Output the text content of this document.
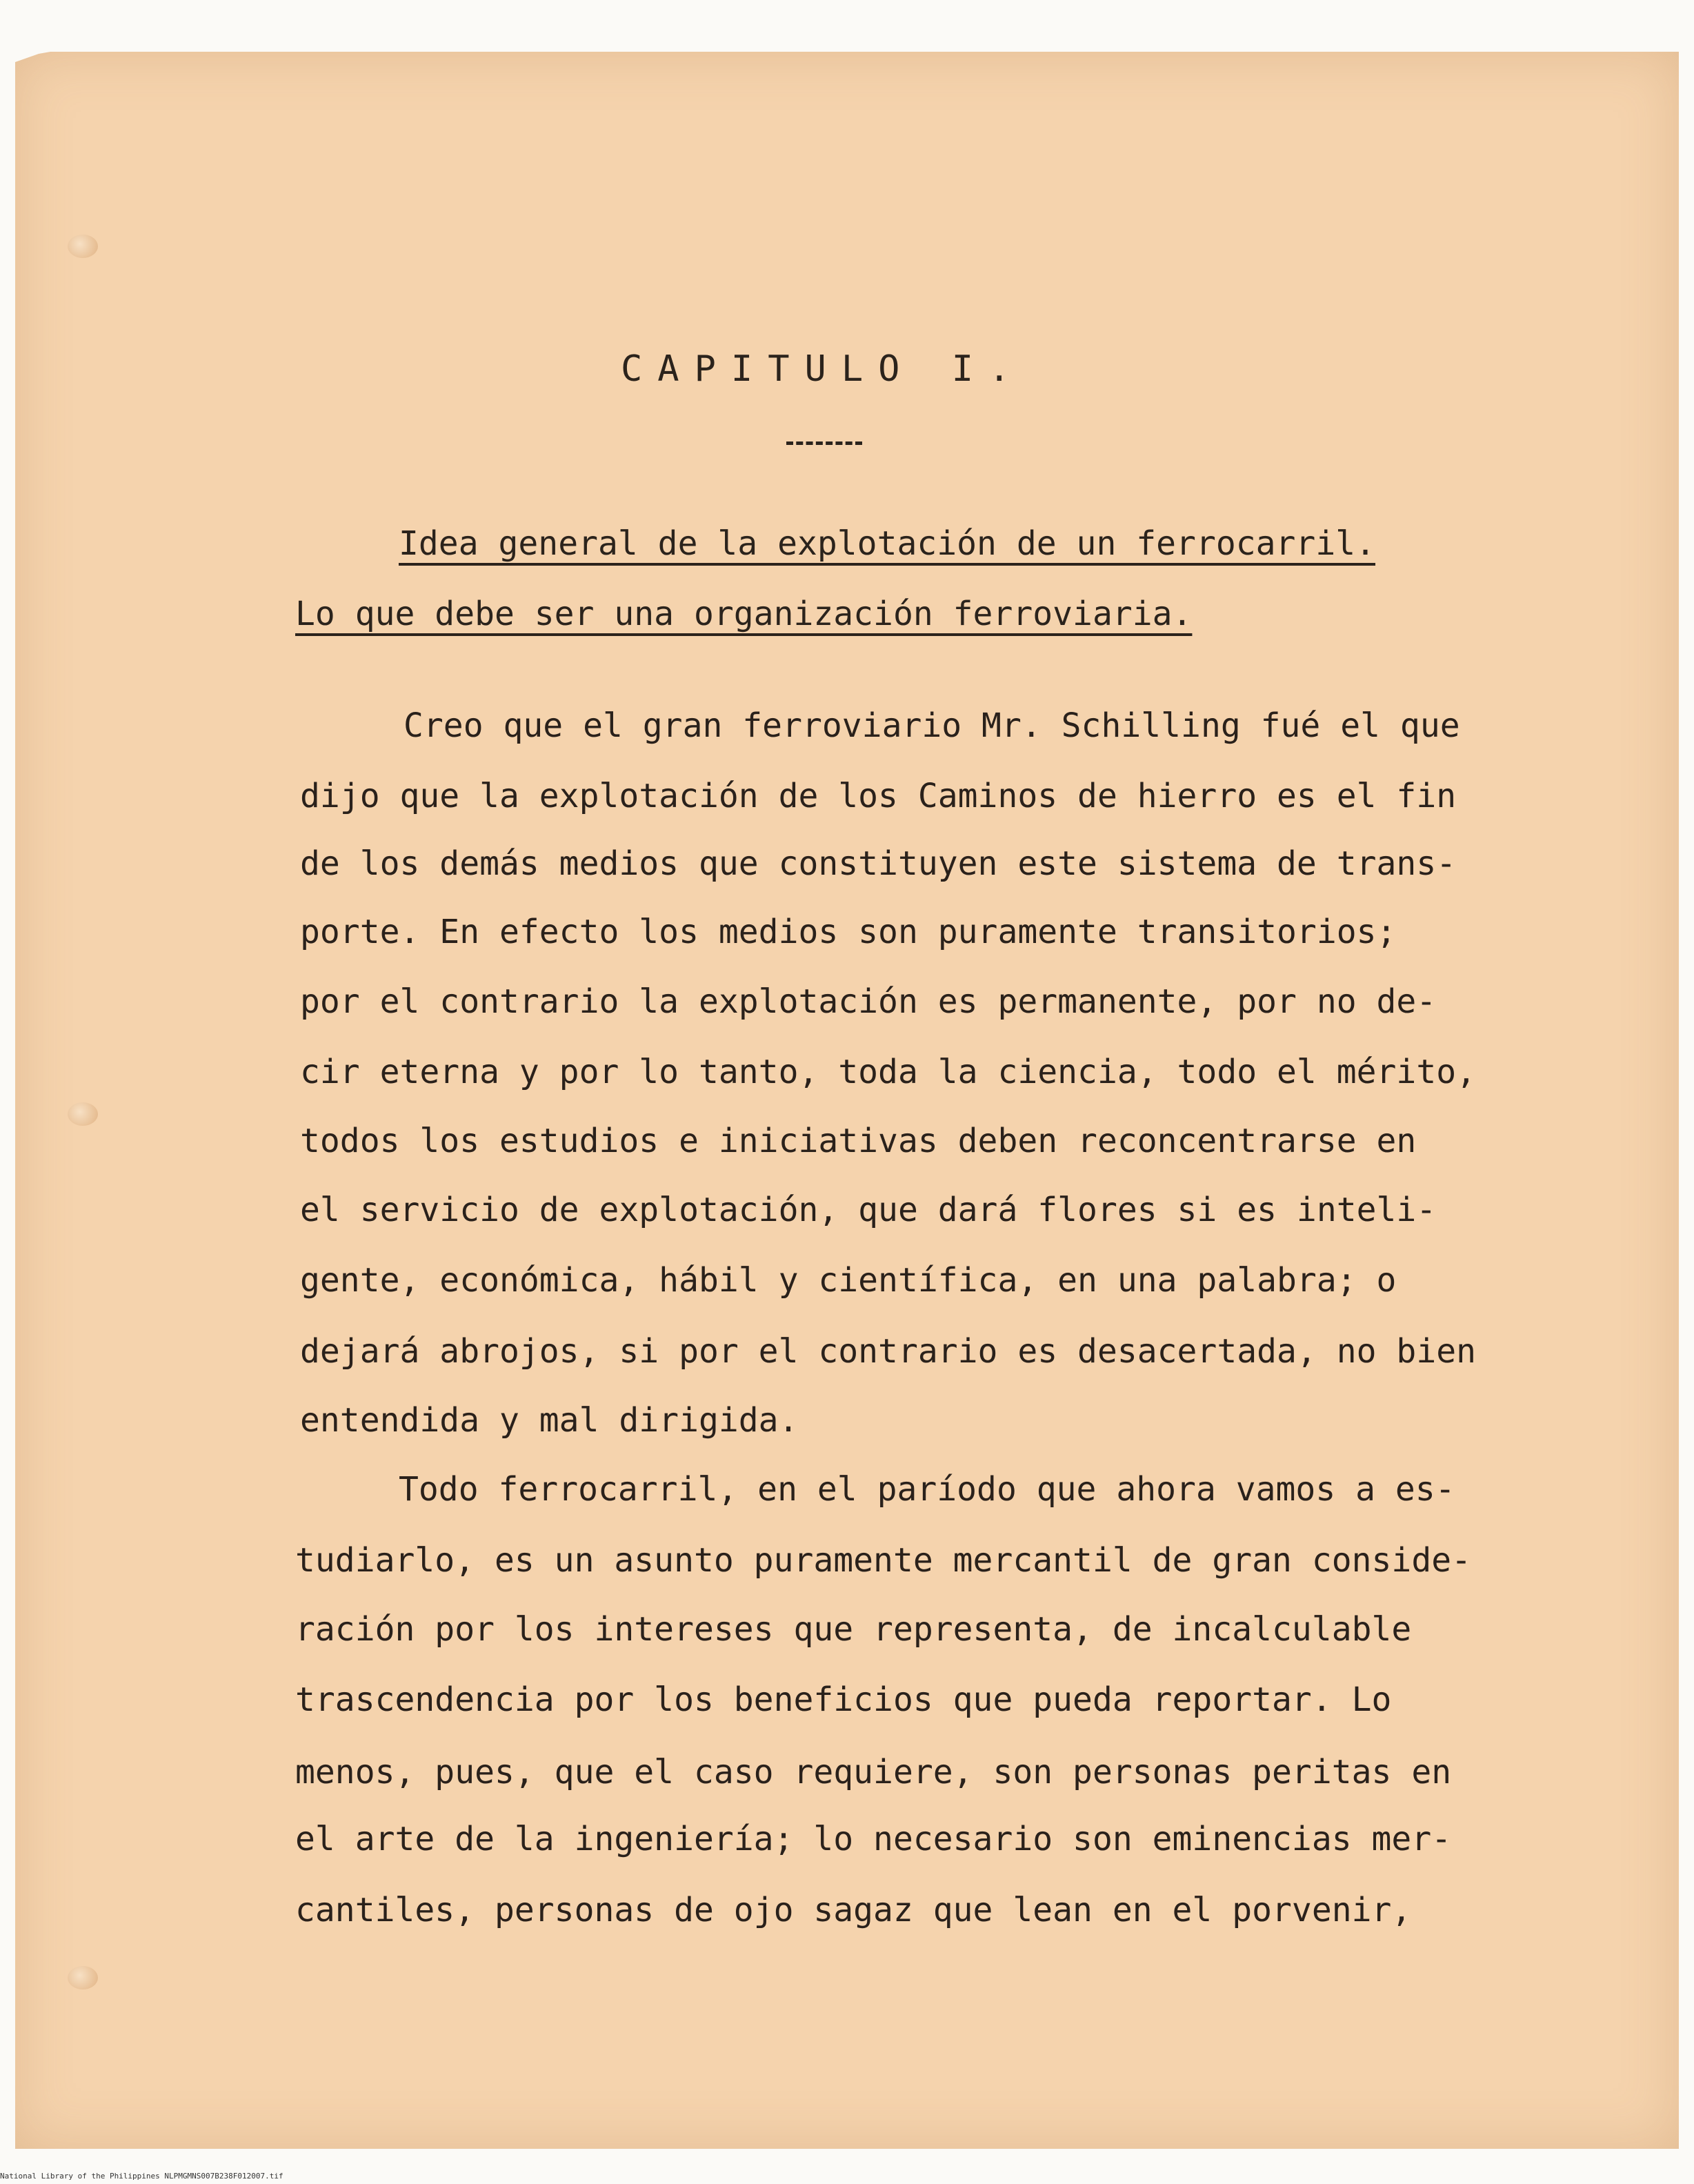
CAPITULO I.
Idea general de la explotación de un ferrocarril.
Lo que debe ser una organización ferroviaria.
Creo que el gran ferroviario Mr. Schilling fué el que
dijo que la explotación de los Caminos de hierro es el fin
de los demás medios que constituyen este sistema de trans-
porte. En efecto los medios son puramente transitorios;
por el contrario la explotación es permanente, por no de-
cir eterna y por lo tanto, toda la ciencia, todo el mérito,
todos los estudios e iniciativas deben reconcentrarse en
el servicio de explotación, que dará flores si es inteli-
gente, económica, hábil y científica, en una palabra; o
dejará abrojos, si por el contrario es desacertada, no bien
entendida y mal dirigida.
Todo ferrocarril, en el paríodo que ahora vamos a es-
tudiarlo, es un asunto puramente mercantil de gran conside-
ración por los intereses que representa, de incalculable
trascendencia por los beneficios que pueda reportar. Lo
menos, pues, que el caso requiere, son personas peritas en
el arte de la ingeniería; lo necesario son eminencias mer-
cantiles, personas de ojo sagaz que lean en el porvenir,
National Library of the Philippines NLPMGMNS007B238F012007.tif
